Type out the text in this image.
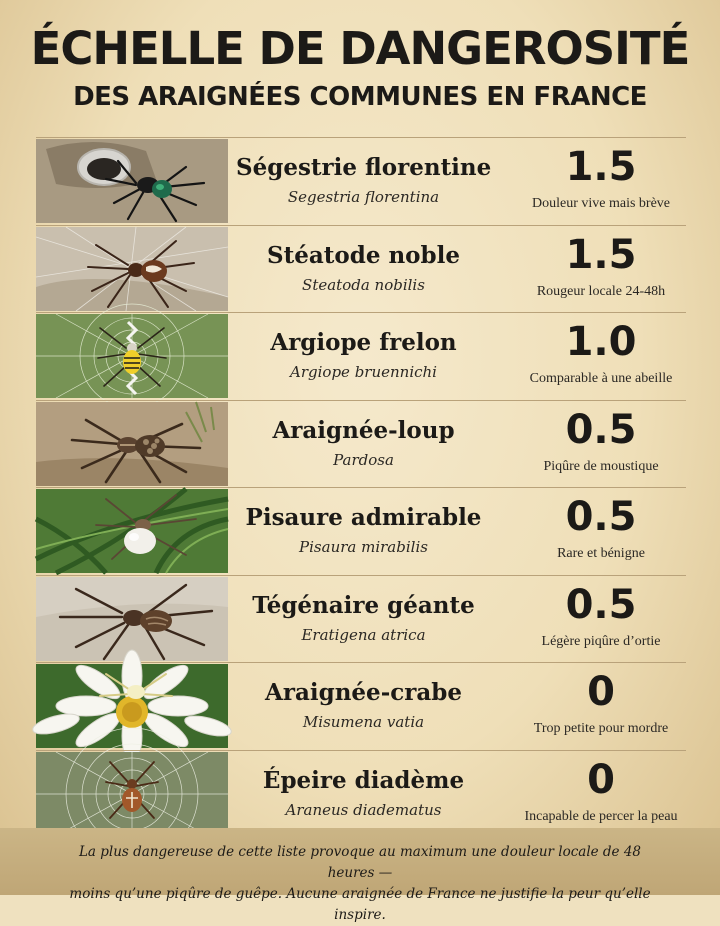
ÉCHELLE DE DANGEROSITÉ
DES ARAIGNÉES COMMUNES EN FRANCE
Ségestrie florentine
Segestria florentina
1.5
Douleur vive mais brève
Stéatode noble
Steatoda nobilis
1.5
Rougeur locale 24-48h
Argiope frelon
Argiope bruennichi
1.0
Comparable à une abeille
Araignée-loup
Pardosa
0.5
Piqûre de moustique
Pisaure admirable
Pisaura mirabilis
0.5
Rare et bénigne
Tégénaire géante
Eratigena atrica
0.5
Légère piqûre d’ortie
Araignée-crabe
Misumena vatia
0
Trop petite pour mordre
Épeire diadème
Araneus diadematus
0
Incapable de percer la peau
La plus dangereuse de cette liste provoque au maximum une douleur locale de 48 heures —
moins qu’une piqûre de guêpe. Aucune araignée de France ne justifie la peur qu’elle inspire.
